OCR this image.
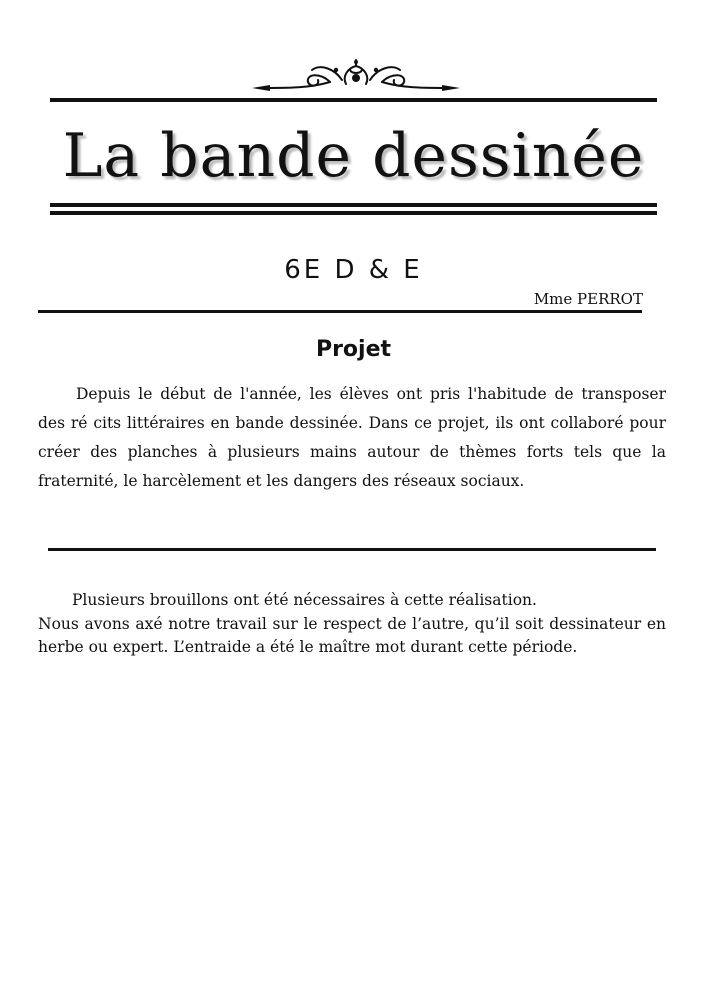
La bande dessinée
6E D & E
Mme PERROT
Projet

Depuis le début de l'année, les élèves ont pris l'habitude de transposer des ré cits littéraires en bande dessinée. Dans ce projet, ils ont collaboré pour créer des planches à plusieurs mains autour de thèmes forts tels que la fraternité, le harcèlement et les dangers des réseaux sociaux.

Plusieurs brouillons ont été nécessaires à cette réalisation.
Nous avons axé notre travail sur le respect de l’autre, qu’il soit dessinateur en herbe ou expert. L’entraide a été le maître mot durant cette période.
